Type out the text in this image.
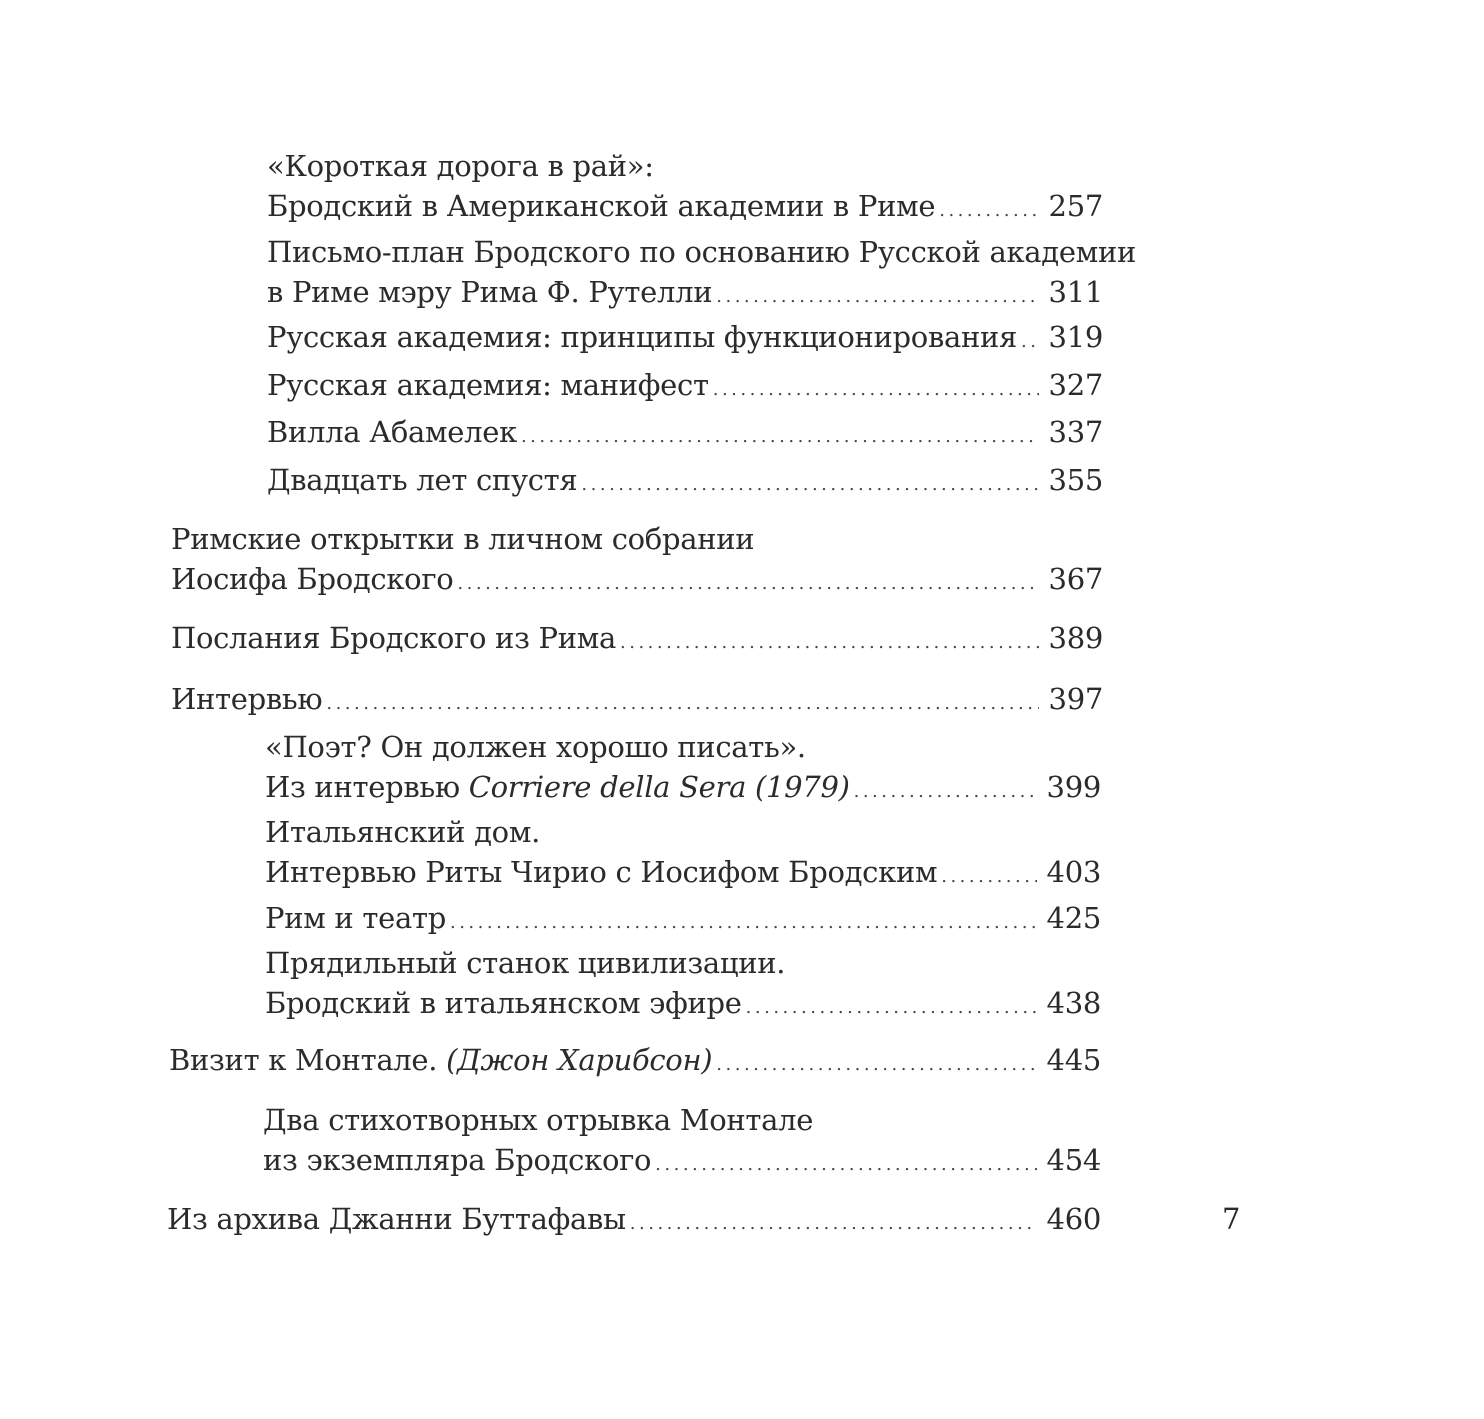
«Короткая дорога в рай»:
Бродский в Американской академии в Риме .....	257
Письмо-план Бродского по основанию Русской академии
в Риме мэру Рима Ф. Рутелли .....	311
Русская академия: принципы функционирования ..... 319
Русская академия: манифест .....	327
Вилла Абамелек .....	337
Двадцать лет спустя .....	355
Римские открытки в личном собрании
Иосифа Бродского .....	367
Послания Бродского из Рима .....	389
Интервью .....	397
«Поэт? Он должен хорошо писать».
Из интервью Corriere della Sera (1979) .....	399
Итальянский дом.
Интервью Риты Чирио с Иосифом Бродским .....	403
Рим и театр .....	425
Прядильный станок цивилизации.
Бродский в итальянском эфире .....	438
Визит к Монтале. (Джон Харибсон) .....	445
Два стихотворных отрывка Монтале
из экземпляра Бродского .....	454
Из архива Джанни Буттафавы .....	460	7
